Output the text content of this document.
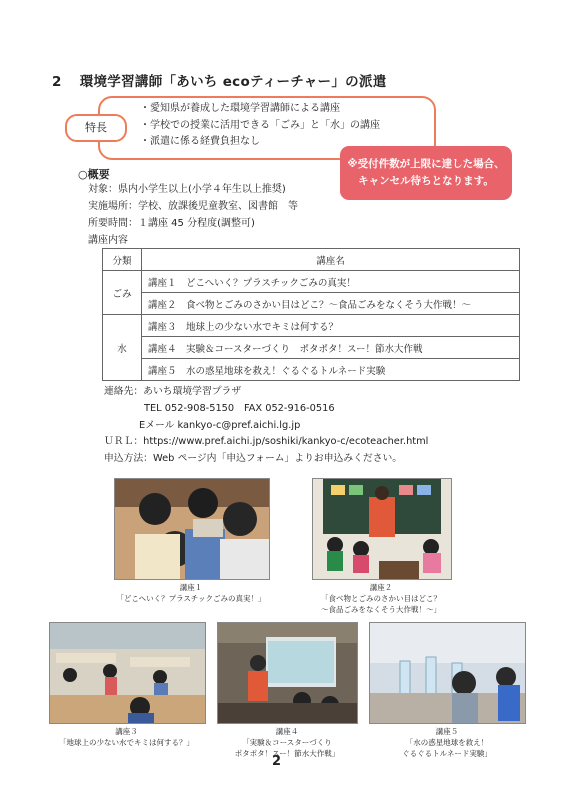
2 環境学習講師「あいち ecoティーチャー」の派遣
特長
・愛知県が養成した環境学習講師による講座
・学校での授業に活用できる「ごみ」と「水」の講座
・派遣に係る経費負担なし
※受付件数が上限に達した場合、
キャンセル待ちとなります。
○概要
対象：県内小学生以上(小学４年生以上推奨)
実施場所：学校、放課後児童教室、図書館　等
所要時間：１講座 45 分程度(調整可)
講座内容
分類	講座名
ごみ	講座１　どこへいく？プラスチックごみの真実！
	講座２　食べ物とごみのさかい目はどこ？～食品ごみをなくそう大作戦！～
水	講座３　地球上の少ない水でキミは何する？
	講座４　実験＆コースターづくり　ポタポタ！スー！節水大作戦
	講座５　水の惑星地球を救え！ぐるぐるトルネード実験
連絡先：あいち環境学習プラザ
TEL 052-908-5150　FAX 052-916-0516
Eメール kankyo-c@pref.aichi.lg.jp
ＵＲＬ：https://www.pref.aichi.jp/soshiki/kankyo-c/ecoteacher.html
申込方法：Web ページ内「申込フォーム」よりお申込みください。
講座１
「どこへいく？プラスチックごみの真実！」
講座２
「食べ物とごみのさかい目はどこ？
～食品ごみをなくそう大作戦！～」
講座３
「地球上の少ない水でキミは何する？」
講座４
「実験＆コースターづくり
ポタポタ！スー！節水大作戦」
講座５
「水の惑星地球を救え！
ぐるぐるトルネード実験」
2
